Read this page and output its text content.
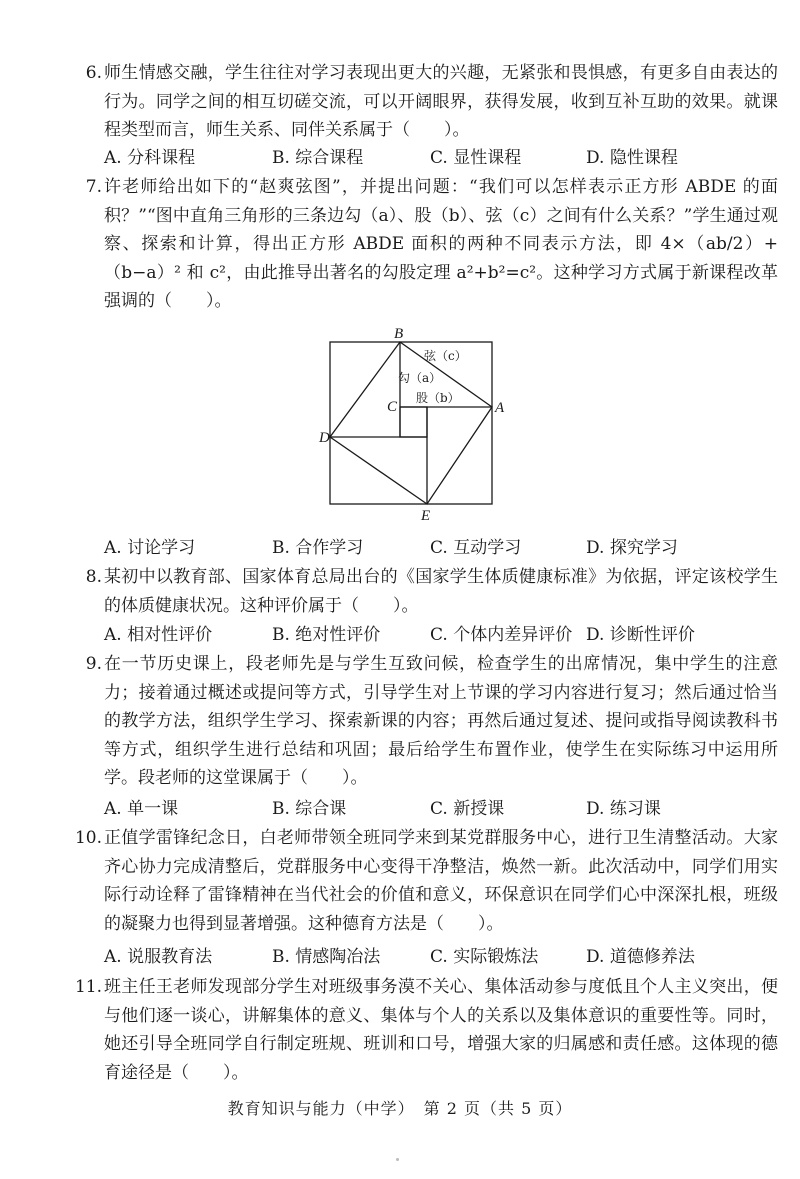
6. 师生情感交融，学生往往对学习表现出更大的兴趣，无紧张和畏惧感，有更多自由表达的行为。同学之间的相互切磋交流，可以开阔眼界，获得发展，收到互补互助的效果。就课程类型而言，师生关系、同伴关系属于（　　）。
A. 分科课程	B. 综合课程	C. 显性课程	D. 隐性课程
7. 许老师给出如下的“赵爽弦图”，并提出问题：“我们可以怎样表示正方形 ABDE 的面积？”“图中直角三角形的三条边勾（a）、股（b）、弦（c）之间有什么关系？”学生通过观察、探索和计算，得出正方形 ABDE 面积的两种不同表示方法，即 4×（ab/2）+（b−a）² 和 c²，由此推导出著名的勾股定理 a²+b²=c²。这种学习方式属于新课程改革强调的（　　）。
B
C	A
D
E
弦（c）
勾（a）
股（b）
A. 讨论学习	B. 合作学习	C. 互动学习	D. 探究学习
8. 某初中以教育部、国家体育总局出台的《国家学生体质健康标准》为依据，评定该校学生的体质健康状况。这种评价属于（　　）。
A. 相对性评价	B. 绝对性评价	C. 个体内差异评价 D. 诊断性评价
9. 在一节历史课上，段老师先是与学生互致问候，检查学生的出席情况，集中学生的注意力；接着通过概述或提问等方式，引导学生对上节课的学习内容进行复习；然后通过恰当的教学方法，组织学生学习、探索新课的内容；再然后通过复述、提问或指导阅读教科书等方式，组织学生进行总结和巩固；最后给学生布置作业，使学生在实际练习中运用所学。段老师的这堂课属于（　　）。
A. 单一课	B. 综合课	C. 新授课	D. 练习课
10. 正值学雷锋纪念日，白老师带领全班同学来到某党群服务中心，进行卫生清整活动。大家齐心协力完成清整后，党群服务中心变得干净整洁，焕然一新。此次活动中，同学们用实际行动诠释了雷锋精神在当代社会的价值和意义，环保意识在同学们心中深深扎根，班级的凝聚力也得到显著增强。这种德育方法是（　　）。
A. 说服教育法	B. 情感陶冶法	C. 实际锻炼法	D. 道德修养法
11. 班主任王老师发现部分学生对班级事务漠不关心、集体活动参与度低且个人主义突出，便与他们逐一谈心，讲解集体的意义、集体与个人的关系以及集体意识的重要性等。同时，她还引导全班同学自行制定班规、班训和口号，增强大家的归属感和责任感。这体现的德育途径是（　　）。
教育知识与能力（中学）　第 2 页（共 5 页）
